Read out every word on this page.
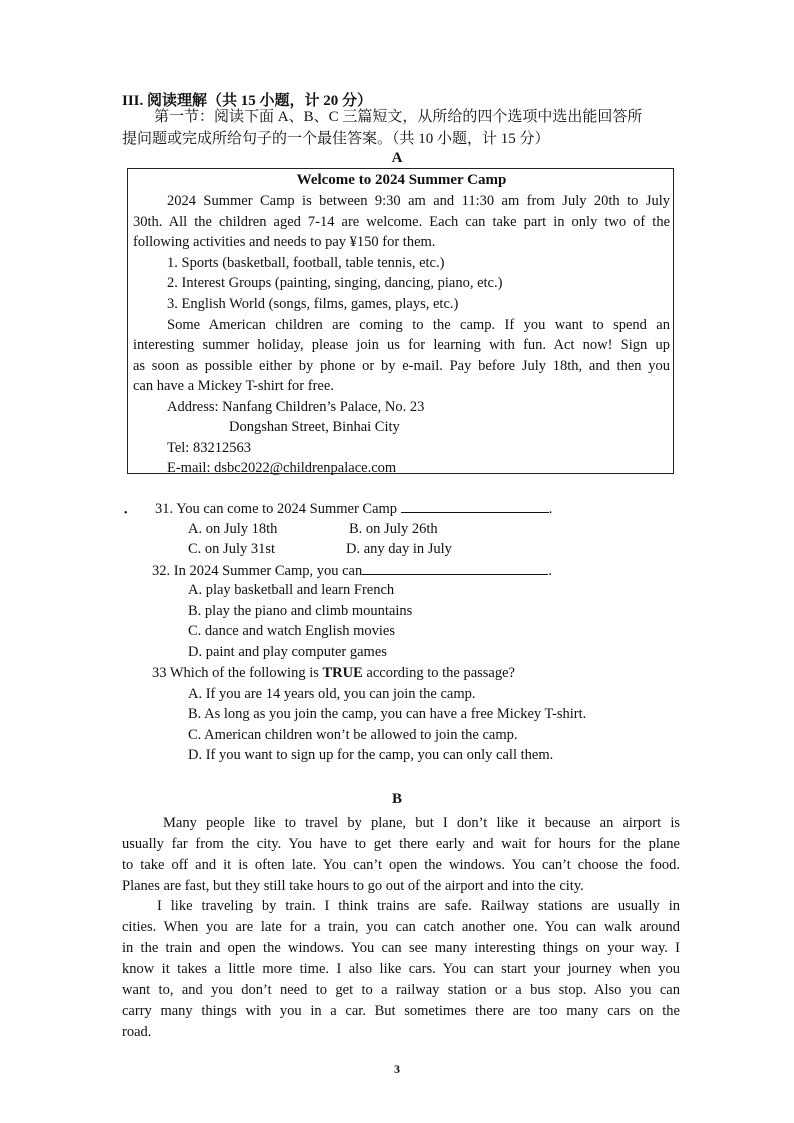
III. 阅读理解（共 15 小题，计 20 分）
第一节：阅读下面 A、B、C 三篇短文，从所给的四个选项中选出能回答所
提问题或完成所给句子的一个最佳答案。（共 10 小题，计 15 分）
A
Welcome to 2024 Summer Camp
2024 Summer Camp is between 9:30 am and 11:30 am from July 20th to July
30th. All the children aged 7-14 are welcome. Each can take part in only two of the
following activities and needs to pay ¥150 for them.
1. Sports (basketball, football, table tennis, etc.)
2. Interest Groups (painting, singing, dancing, piano, etc.)
3. English World (songs, films, games, plays, etc.)
Some American children are coming to the camp. If you want to spend an
interesting summer holiday, please join us for learning with fun. Act now! Sign up
as soon as possible either by phone or by e-mail. Pay before July 18th, and then you
can have a Mickey T-shirt for free.
Address: Nanfang Children’s Palace, No. 23
Dongshan Street, Binhai City
Tel: 83212563
E-mail: dsbc2022@childrenpalace.com
• 31. You can come to 2024 Summer Camp	.
A. on July 18th	B. on July 26th
C. on July 31st	D. any day in July
32. In 2024 Summer Camp, you can	.
A. play basketball and learn French
B. play the piano and climb mountains
C. dance and watch English movies
D. paint and play computer games
33 Which of the following is TRUE according to the passage?
A. If you are 14 years old, you can join the camp.
B. As long as you join the camp, you can have a free Mickey T-shirt.
C. American children won’t be allowed to join the camp.
D. If you want to sign up for the camp, you can only call them.
B
Many people like to travel by plane, but I don’t like it because an airport is
usually far from the city. You have to get there early and wait for hours for the plane
to take off and it is often late. You can’t open the windows. You can’t choose the food.
Planes are fast, but they still take hours to go out of the airport and into the city.
I like traveling by train. I think trains are safe. Railway stations are usually in
cities. When you are late for a train, you can catch another one. You can walk around
in the train and open the windows. You can see many interesting things on your way. I
know it takes a little more time. I also like cars. You can start your journey when you
want to, and you don’t need to get to a railway station or a bus stop. Also you can
carry many things with you in a car. But sometimes there are too many cars on the
road.
3
